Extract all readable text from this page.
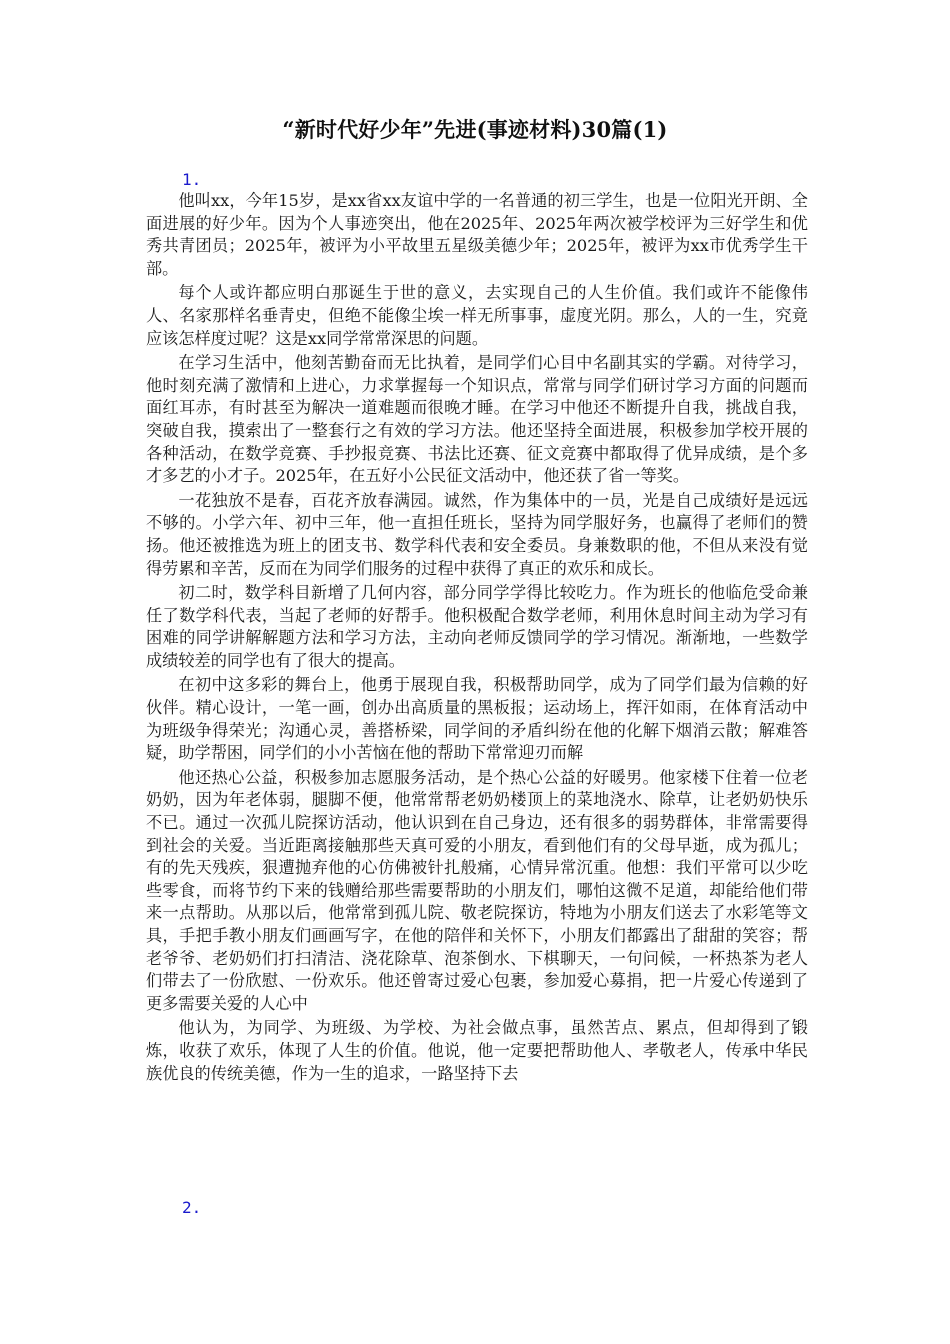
“新时代好少年”先进(事迹材料)30篇(1)
1.

他叫xx，今年15岁，是xx省xx友谊中学的一名普通的初三学生，也是一位阳光开朗、全面进展的好少年。因为个人事迹突出，他在2025年、2025年两次被学校评为三好学生和优秀共青团员；2025年，被评为小平故里五星级美德少年；2025年，被评为xx市优秀学生干部。

每个人或许都应明白那诞生于世的意义，去实现自己的人生价值。我们或许不能像伟人、名家那样名垂青史，但绝不能像尘埃一样无所事事，虚度光阴。那么，人的一生，究竟应该怎样度过呢？这是xx同学常常深思的问题。

在学习生活中，他刻苦勤奋而无比执着，是同学们心目中名副其实的学霸。对待学习，他时刻充满了激情和上进心，力求掌握每一个知识点，常常与同学们研讨学习方面的问题而面红耳赤，有时甚至为解决一道难题而很晚才睡。在学习中他还不断提升自我，挑战自我，突破自我，摸索出了一整套行之有效的学习方法。他还坚持全面进展，积极参加学校开展的各种活动，在数学竞赛、手抄报竞赛、书法比还赛、征文竞赛中都取得了优异成绩，是个多才多艺的小才子。2025年，在五好小公民征文活动中，他还获了省一等奖。

一花独放不是春，百花齐放春满园。诚然，作为集体中的一员，光是自己成绩好是远远不够的。小学六年、初中三年，他一直担任班长，坚持为同学服好务，也赢得了老师们的赞扬。他还被推选为班上的团支书、数学科代表和安全委员。身兼数职的他，不但从来没有觉得劳累和辛苦，反而在为同学们服务的过程中获得了真正的欢乐和成长。

初二时，数学科目新增了几何内容，部分同学学得比较吃力。作为班长的他临危受命兼任了数学科代表，当起了老师的好帮手。他积极配合数学老师，利用休息时间主动为学习有困难的同学讲解解题方法和学习方法，主动向老师反馈同学的学习情况。渐渐地，一些数学成绩较差的同学也有了很大的提高。

在初中这多彩的舞台上，他勇于展现自我，积极帮助同学，成为了同学们最为信赖的好伙伴。精心设计，一笔一画，创办出高质量的黑板报；运动场上，挥汗如雨，在体育活动中为班级争得荣光；沟通心灵，善搭桥梁，同学间的矛盾纠纷在他的化解下烟消云散；解难答疑，助学帮困，同学们的小小苦恼在他的帮助下常常迎刃而解

他还热心公益，积极参加志愿服务活动，是个热心公益的好暖男。他家楼下住着一位老奶奶，因为年老体弱，腿脚不便，他常常帮老奶奶楼顶上的菜地浇水、除草，让老奶奶快乐不已。通过一次孤儿院探访活动，他认识到在自己身边，还有很多的弱势群体，非常需要得到社会的关爱。当近距离接触那些天真可爱的小朋友，看到他们有的父母早逝，成为孤儿；有的先天残疾，狠遭抛弃他的心仿佛被针扎般痛，心情异常沉重。他想：我们平常可以少吃些零食，而将节约下来的钱赠给那些需要帮助的小朋友们，哪怕这微不足道，却能给他们带来一点帮助。从那以后，他常常到孤儿院、敬老院探访，特地为小朋友们送去了水彩笔等文具，手把手教小朋友们画画写字，在他的陪伴和关怀下，小朋友们都露出了甜甜的笑容；帮老爷爷、老奶奶们打扫清洁、浇花除草、泡茶倒水、下棋聊天，一句问候，一杯热茶为老人们带去了一份欣慰、一份欢乐。他还曾寄过爱心包裹，参加爱心募捐，把一片爱心传递到了更多需要关爱的人心中

他认为，为同学、为班级、为学校、为社会做点事，虽然苦点、累点，但却得到了锻炼，收获了欢乐，体现了人生的价值。他说，他一定要把帮助他人、孝敬老人，传承中华民族优良的传统美德，作为一生的追求，一路坚持下去

2.
